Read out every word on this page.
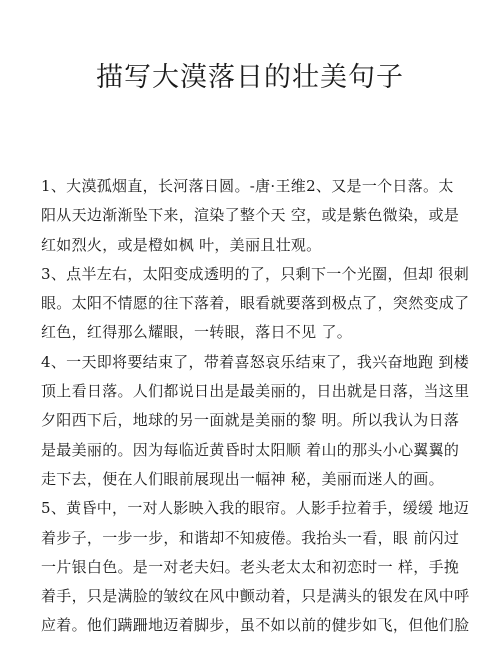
描写大漠落日的壮美句子
1、大漠孤烟直，长河落日圆。-唐·王维2、又是一个日落。太
阳从天边渐渐坠下来，渲染了整个天 空，或是紫色微染，或是
红如烈火，或是橙如枫 叶，美丽且壮观。
3、点半左右，太阳变成透明的了，只剩下一个光圈，但却 很刺
眼。太阳不情愿的往下落着，眼看就要落到极点了，突然变成了
红色，红得那么耀眼，一转眼，落日不见 了。
4、一天即将要结束了，带着喜怒哀乐结束了，我兴奋地跑 到楼
顶上看日落。人们都说日出是最美丽的，日出就是日落，当这里
夕阳西下后，地球的另一面就是美丽的黎 明。所以我认为日落
是最美丽的。因为每临近黄昏时太阳顺 着山的那头小心翼翼的
走下去，便在人们眼前展现出一幅神 秘，美丽而迷人的画。
5、黄昏中，一对人影映入我的眼帘。人影手拉着手，缓缓 地迈
着步子，一步一步，和谐却不知疲倦。我抬头一看，眼 前闪过
一片银白色。是一对老夫妇。老头老太太和初恋时一 样，手挽
着手，只是满脸的皱纹在风中颤动着，只是满头的银发在风中呼
应着。他们蹒跚地迈着脚步，虽不如以前的健步如飞，但他们脸
